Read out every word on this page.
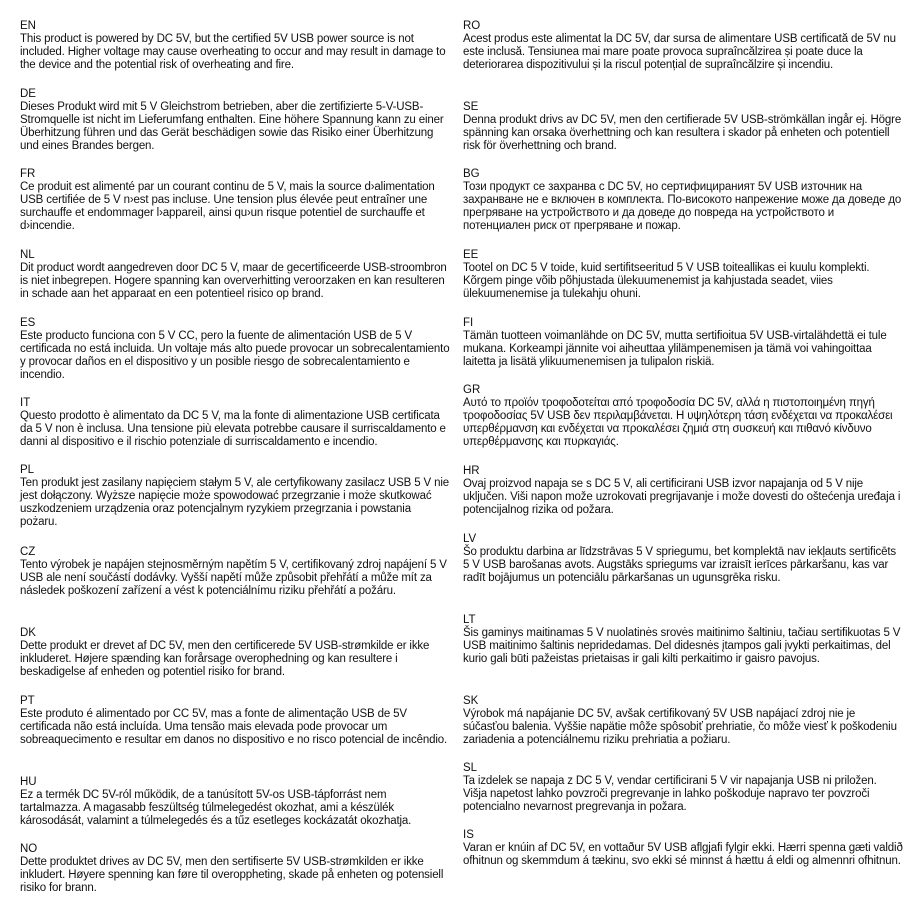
EN

This product is powered by DC 5V, but the certified 5V USB power source is not included. Higher voltage may cause overheating to occur and may result in damage to the device and the potential risk of overheating and fire.

DE

Dieses Produkt wird mit 5 V Gleichstrom betrieben, aber die zertifizierte 5-V-USB-Stromquelle ist nicht im Lieferumfang enthalten. Eine höhere Spannung kann zu einer Überhitzung führen und das Gerät beschädigen sowie das Risiko einer Überhitzung und eines Brandes bergen.

FR

Ce produit est alimenté par un courant continu de 5 V, mais la source d›alimentation USB certifiée de 5 V n›est pas incluse. Une tension plus élevée peut entraîner une surchauffe et endommager l›appareil, ainsi qu›un risque potentiel de surchauffe et d›incendie.

NL

Dit product wordt aangedreven door DC 5 V, maar de gecertificeerde USB-stroombron is niet inbegrepen. Hogere spanning kan oververhitting veroorzaken en kan resulteren in schade aan het apparaat en een potentieel risico op brand.

ES

Este producto funciona con 5 V CC, pero la fuente de alimentación USB de 5 V certificada no está incluida. Un voltaje más alto puede provocar un sobrecalentamiento y provocar daños en el dispositivo y un posible riesgo de sobrecalentamiento e incendio.

IT

Questo prodotto è alimentato da DC 5 V, ma la fonte di alimentazione USB certificata da 5 V non è inclusa. Una tensione più elevata potrebbe causare il surriscaldamento e danni al dispositivo e il rischio potenziale di surriscaldamento e incendio.

PL

Ten produkt jest zasilany napięciem stałym 5 V, ale certyfikowany zasilacz USB 5 V nie jest dołączony. Wyższe napięcie może spowodować przegrzanie i może skutkować uszkodzeniem urządzenia oraz potencjalnym ryzykiem przegrzania i powstania pożaru.

CZ

Tento výrobek je napájen stejnosměrným napětím 5 V, certifikovaný zdroj napájení 5 V USB ale není součástí dodávky. Vyšší napětí může způsobit přehřátí a může mít za následek poškození zařízení a vést k potenciálnímu riziku přehřátí a požáru.

DK

Dette produkt er drevet af DC 5V, men den certificerede 5V USB-strømkilde er ikke inkluderet. Højere spænding kan forårsage overophedning og kan resultere i beskadigelse af enheden og potentiel risiko for brand.

PT

Este produto é alimentado por CC 5V, mas a fonte de alimentação USB de 5V certificada não está incluída. Uma tensão mais elevada pode provocar um sobreaquecimento e resultar em danos no dispositivo e no risco potencial de incêndio.

HU

Ez a termék DC 5V-ról működik, de a tanúsított 5V-os USB-tápforrást nem tartalmazza. A magasabb feszültség túlmelegedést okozhat, ami a készülék károsodását, valamint a túlmelegedés és a tűz esetleges kockázatát okozhatja.

NO

Dette produktet drives av DC 5V, men den sertifiserte 5V USB-strømkilden er ikke inkludert. Høyere spenning kan føre til overoppheting, skade på enheten og potensiell risiko for brann.

RO

Acest produs este alimentat la DC 5V, dar sursa de alimentare USB certificată de 5V nu este inclusă. Tensiunea mai mare poate provoca supraîncălzirea și poate duce la deteriorarea dispozitivului și la riscul potențial de supraîncălzire și incendiu.

SE

Denna produkt drivs av DC 5V, men den certifierade 5V USB-strömkällan ingår ej. Högre spänning kan orsaka överhettning och kan resultera i skador på enheten och potentiell risk för överhettning och brand.

BG

Този продукт се захранва с DC 5V, но сертифицираният 5V USB източник на захранване не е включен в комплекта. По-високото напрежение може да доведе до прегряване на устройството и да доведе до повреда на устройството и потенциален риск от прегряване и пожар.

EE

Tootel on DC 5 V toide, kuid sertifitseeritud 5 V USB toiteallikas ei kuulu komplekti. Kõrgem pinge võib põhjustada ülekuumenemist ja kahjustada seadet, viies ülekuumenemise ja tulekahju ohuni.

FI

Tämän tuotteen voimanlähde on DC 5V, mutta sertifioitua 5V USB-virtalähdettä ei tule mukana. Korkeampi jännite voi aiheuttaa ylilämpenemisen ja tämä voi vahingoittaa laitetta ja lisätä ylikuumenemisen ja tulipalon riskiä.

GR

Αυτό το προϊόν τροφοδοτείται από τροφοδοσία DC 5V, αλλά η πιστοποιημένη πηγή τροφοδοσίας 5V USB δεν περιλαμβάνεται. Η υψηλότερη τάση ενδέχεται να προκαλέσει υπερθέρμανση και ενδέχεται να προκαλέσει ζημιά στη συσκευή και πιθανό κίνδυνο υπερθέρμανσης και πυρκαγιάς.

HR

Ovaj proizvod napaja se s DC 5 V, ali certificirani USB izvor napajanja od 5 V nije uključen. Viši napon može uzrokovati pregrijavanje i može dovesti do oštećenja uređaja i potencijalnog rizika od požara.

LV

Šo produktu darbina ar līdzstrāvas 5 V spriegumu, bet komplektā nav iekļauts sertificēts 5 V USB barošanas avots. Augstāks spriegums var izraisīt ierīces pārkaršanu, kas var radīt bojājumus un potenciālu pārkaršanas un ugunsgrēka risku.

LT

Šis gaminys maitinamas 5 V nuolatinės srovės maitinimo šaltiniu, tačiau sertifikuotas 5 V USB maitinimo šaltinis nepridedamas. Del didesnės įtampos gali įvykti perkaitimas, del kurio gali būti pažeistas prietaisas ir gali kilti perkaitimo ir gaisro pavojus.

SK

Výrobok má napájanie DC 5V, avšak certifikovaný 5V USB napájací zdroj nie je súčasťou balenia. Vyššie napätie môže spôsobiť prehriatie, čo môže viesť k poškodeniu zariadenia a potenciálnemu riziku prehriatia a požiaru.

SL

Ta izdelek se napaja z DC 5 V, vendar certificirani 5 V vir napajanja USB ni priložen. Višja napetost lahko povzroči pregrevanje in lahko poškoduje napravo ter povzroči potencialno nevarnost pregrevanja in požara.

IS

Varan er knúin af DC 5V, en vottaður 5V USB aflgjafi fylgir ekki. Hærri spenna gæti valdið ofhitnun og skemmdum á tækinu, svo ekki sé minnst á hættu á eldi og almennri ofhitnun.
